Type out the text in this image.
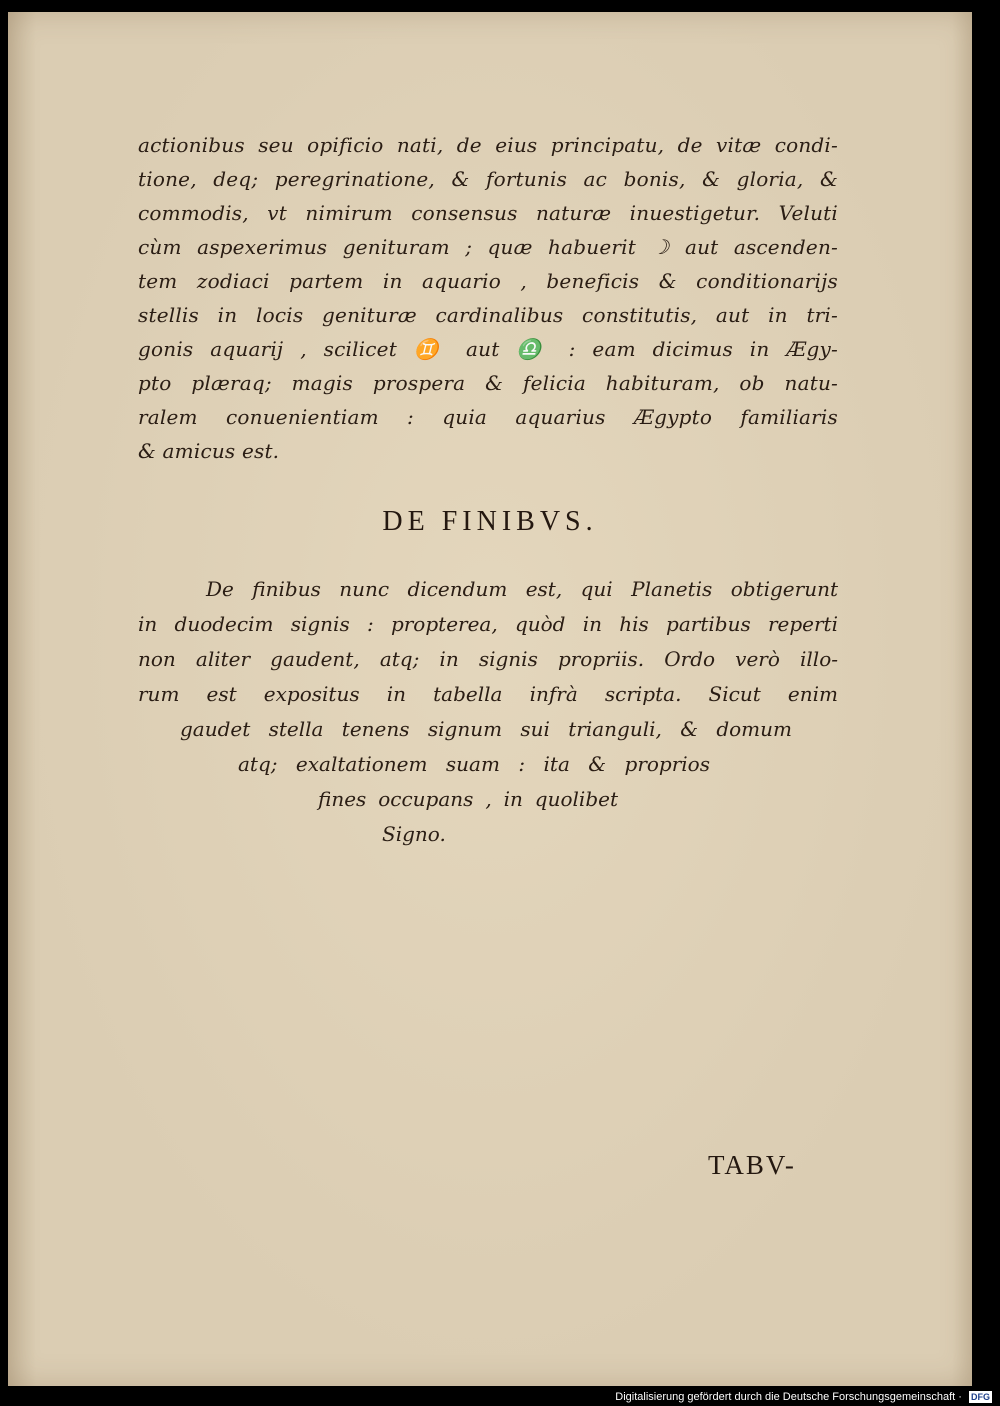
actionibus seu opificio nati, de eius principatu, de vitæ condi-
tione, deq; peregrinatione, & fortunis ac bonis, & gloria, &
commodis, vt nimirum consensus naturæ inuestigetur. Veluti
cùm aspexerimus genituram ; quæ habuerit ☽ aut ascenden-
tem zodiaci partem in aquario , beneficis & conditionarijs
stellis in locis genituræ cardinalibus constitutis, aut in tri-
gonis aquarij , scilicet ♊ aut ♎ : eam dicimus in Ægy-
pto plæraq; magis prospera & felicia habituram, ob natu-
ralem conuenientiam : quia aquarius Ægypto familiaris
& amicus est.
DE FINIBVS.
De finibus nunc dicendum est, qui Planetis obtigerunt
in duodecim signis : propterea, quòd in his partibus reperti
non aliter gaudent, atq; in signis propriis. Ordo verò illo-
rum est expositus in tabella infrà scripta. Sicut enim
gaudet stella tenens signum sui trianguli, & domum
atq; exaltationem suam : ita & proprios
fines occupans , in quolibet
Signo.
TABV-
Digitalisierung gefördert durch die Deutsche Forschungsgemeinschaft · DFG
